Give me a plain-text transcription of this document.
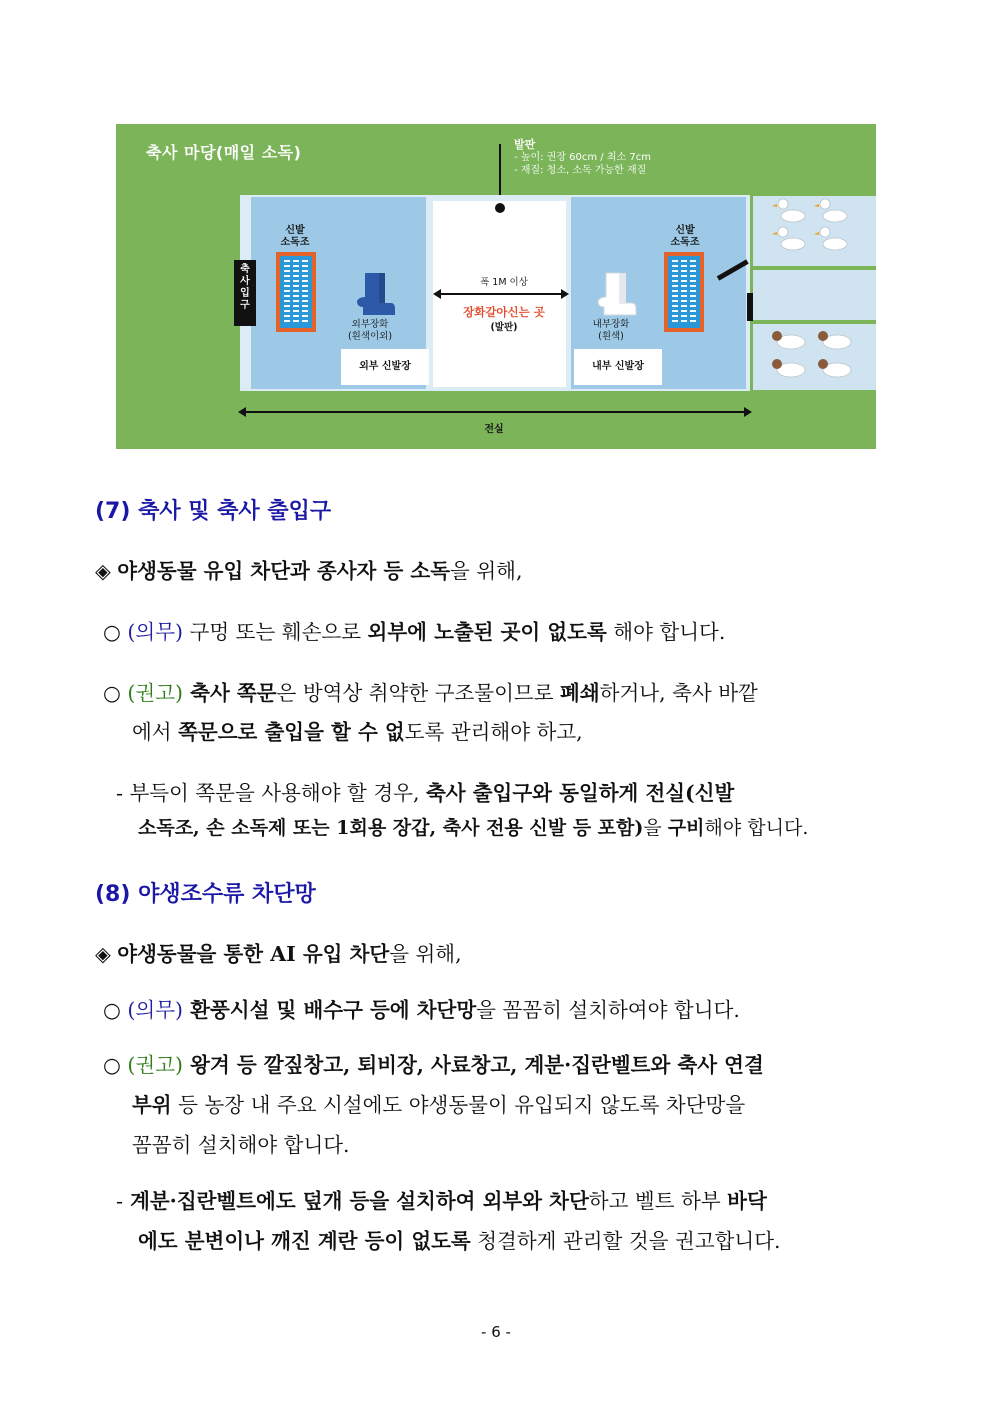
축사 마당(매일 소독)	발판
- 높이: 권장 60cm / 최소 7cm
- 재질: 청소, 소독 가능한 재질
신발
소독조
외부장화
(흰색이외)
외부 신발장
내부장화
(흰색)
내부 신발장
신발
소독조
폭 1M 이상
장화갈아신는 곳
(발판)
축
사
입
구
전실
(7) 축사 및 축사 출입구
◈ 야생동물 유입 차단과 종사자 등 소독을 위해,
○ (의무) 구멍 또는 훼손으로 외부에 노출된 곳이 없도록 해야 합니다.
○ (권고) 축사 쪽문은 방역상 취약한 구조물이므로 폐쇄하거나, 축사 바깥
에서 쪽문으로 출입을 할 수 없도록 관리해야 하고,
- 부득이 쪽문을 사용해야 할 경우, 축사 출입구와 동일하게 전실(신발
소독조, 손 소독제 또는 1회용 장갑, 축사 전용 신발 등 포함)을 구비해야 합니다.
(8) 야생조수류 차단망
◈ 야생동물을 통한 AI 유입 차단을 위해,
○ (의무) 환풍시설 및 배수구 등에 차단망을 꼼꼼히 설치하여야 합니다.
○ (권고) 왕겨 등 깔짚창고, 퇴비장, 사료창고, 계분·집란벨트와 축사 연결
부위 등 농장 내 주요 시설에도 야생동물이 유입되지 않도록 차단망을
꼼꼼히 설치해야 합니다.
- 계분·집란벨트에도 덮개 등을 설치하여 외부와 차단하고 벨트 하부 바닥
에도 분변이나 깨진 계란 등이 없도록 청결하게 관리할 것을 권고합니다.
- 6 -
